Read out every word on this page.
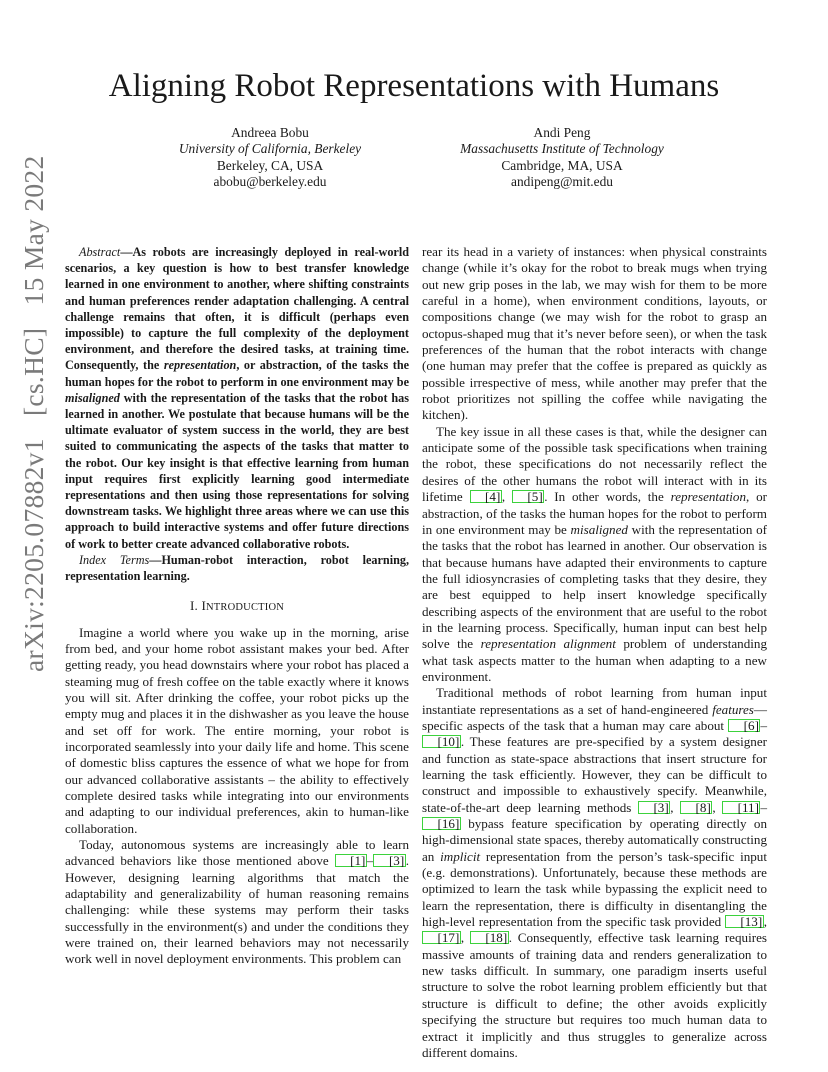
Aligning Robot Representations with Humans
Andreea Bobu
University of California, Berkeley
Berkeley, CA, USA
abobu@berkeley.edu
Andi Peng
Massachusetts Institute of Technology
Cambridge, MA, USA
andipeng@mit.edu
arXiv:2205.07882v1 [cs.HC] 15 May 2022	Abstract—As robots are increasingly deployed in real-world scenarios, a key question is how to best transfer knowledge learned in one environment to another, where shifting constraints and human preferences render adaptation challenging. A central challenge remains that often, it is difficult (perhaps even impossible) to capture the full complexity of the deployment environment, and therefore the desired tasks, at training time. Consequently, the representation, or abstraction, of the tasks the human hopes for the robot to perform in one environment may be misaligned with the representation of the tasks that the robot has learned in another. We postulate that because humans will be the ultimate evaluator of system success in the world, they are best suited to communicating the aspects of the tasks that matter to the robot. Our key insight is that effective learning from human input requires first explicitly learning good intermediate representations and then using those representations for solving downstream tasks. We highlight three areas where we can use this approach to build interactive systems and offer future directions of work to better create advanced collaborative robots.

Index Terms—Human-robot interaction, robot learning, representation learning.

I. INTRODUCTION

Imagine a world where you wake up in the morning, arise from bed, and your home robot assistant makes your bed. After getting ready, you head downstairs where your robot has placed a steaming mug of fresh coffee on the table exactly where it knows you will sit. After drinking the coffee, your robot picks up the empty mug and places it in the dishwasher as you leave the house and set off for work. The entire morning, your robot is incorporated seamlessly into your daily life and home. This scene of domestic bliss captures the essence of what we hope for from our advanced collaborative assistants – the ability to effectively complete desired tasks while integrating into our environments and adapting to our individual preferences, akin to human-like collaboration.

Today, autonomous systems are increasingly able to learn advanced behaviors like those mentioned above [1] – [3] . However, designing learning algorithms that match the adaptability and generalizability of human reasoning remains challenging: while these systems may perform their tasks successfully in the environment(s) and under the conditions they were trained on, their learned behaviors may not necessarily work well in novel deployment environments. This problem can

rear its head in a variety of instances: when physical constraints change (while it’s okay for the robot to break mugs when trying out new grip poses in the lab, we may wish for them to be more careful in a home), when environment conditions, layouts, or compositions change (we may wish for the robot to grasp an octopus-shaped mug that it’s never before seen), or when the task preferences of the human that the robot interacts with change (one human may prefer that the coffee is prepared as quickly as possible irrespective of mess, while another may prefer that the robot prioritizes not spilling the coffee while navigating the kitchen).

The key issue in all these cases is that, while the designer can anticipate some of the possible task specifications when training the robot, these specifications do not necessarily reflect the desires of the other humans the robot will interact with in its lifetime [4] , [5] . In other words, the representation, or abstraction, of the tasks the human hopes for the robot to perform in one environment may be misaligned with the representation of the tasks that the robot has learned in another. Our observation is that because humans have adapted their environments to capture the full idiosyncrasies of completing tasks that they desire, they are best equipped to help insert knowledge specifically describing aspects of the environment that are useful to the robot in the learning process. Specifically, human input can best help solve the representation alignment problem of understanding what task aspects matter to the human when adapting to a new environment.

Traditional methods of robot learning from human input instantiate representations as a set of hand-engineered features—specific aspects of the task that a human may care about [6] –[10] . These features are pre-specified by a system designer and function as state-space abstractions that insert structure for learning the task efficiently. However, they can be difficult to construct and impossible to exhaustively specify. Meanwhile, state-of-the-art deep learning methods [3] , [8] , [11] –[16] bypass feature specification by operating directly on high-dimensional state spaces, thereby automatically constructing an implicit representation from the person’s task-specific input (e.g. demonstrations). Unfortunately, because these methods are optimized to learn the task while bypassing the explicit need to learn the representation, there is difficulty in disentangling the high-level representation from the specific task provided [13] , [17] , [18] . Consequently, effective task learning requires massive amounts of training data and renders generalization to new tasks difficult. In summary, one paradigm inserts useful structure to solve the robot learning problem efficiently but that structure is difficult to define; the other avoids explicitly specifying the structure but requires too much human data to extract it implicitly and thus struggles to generalize across different domains.
